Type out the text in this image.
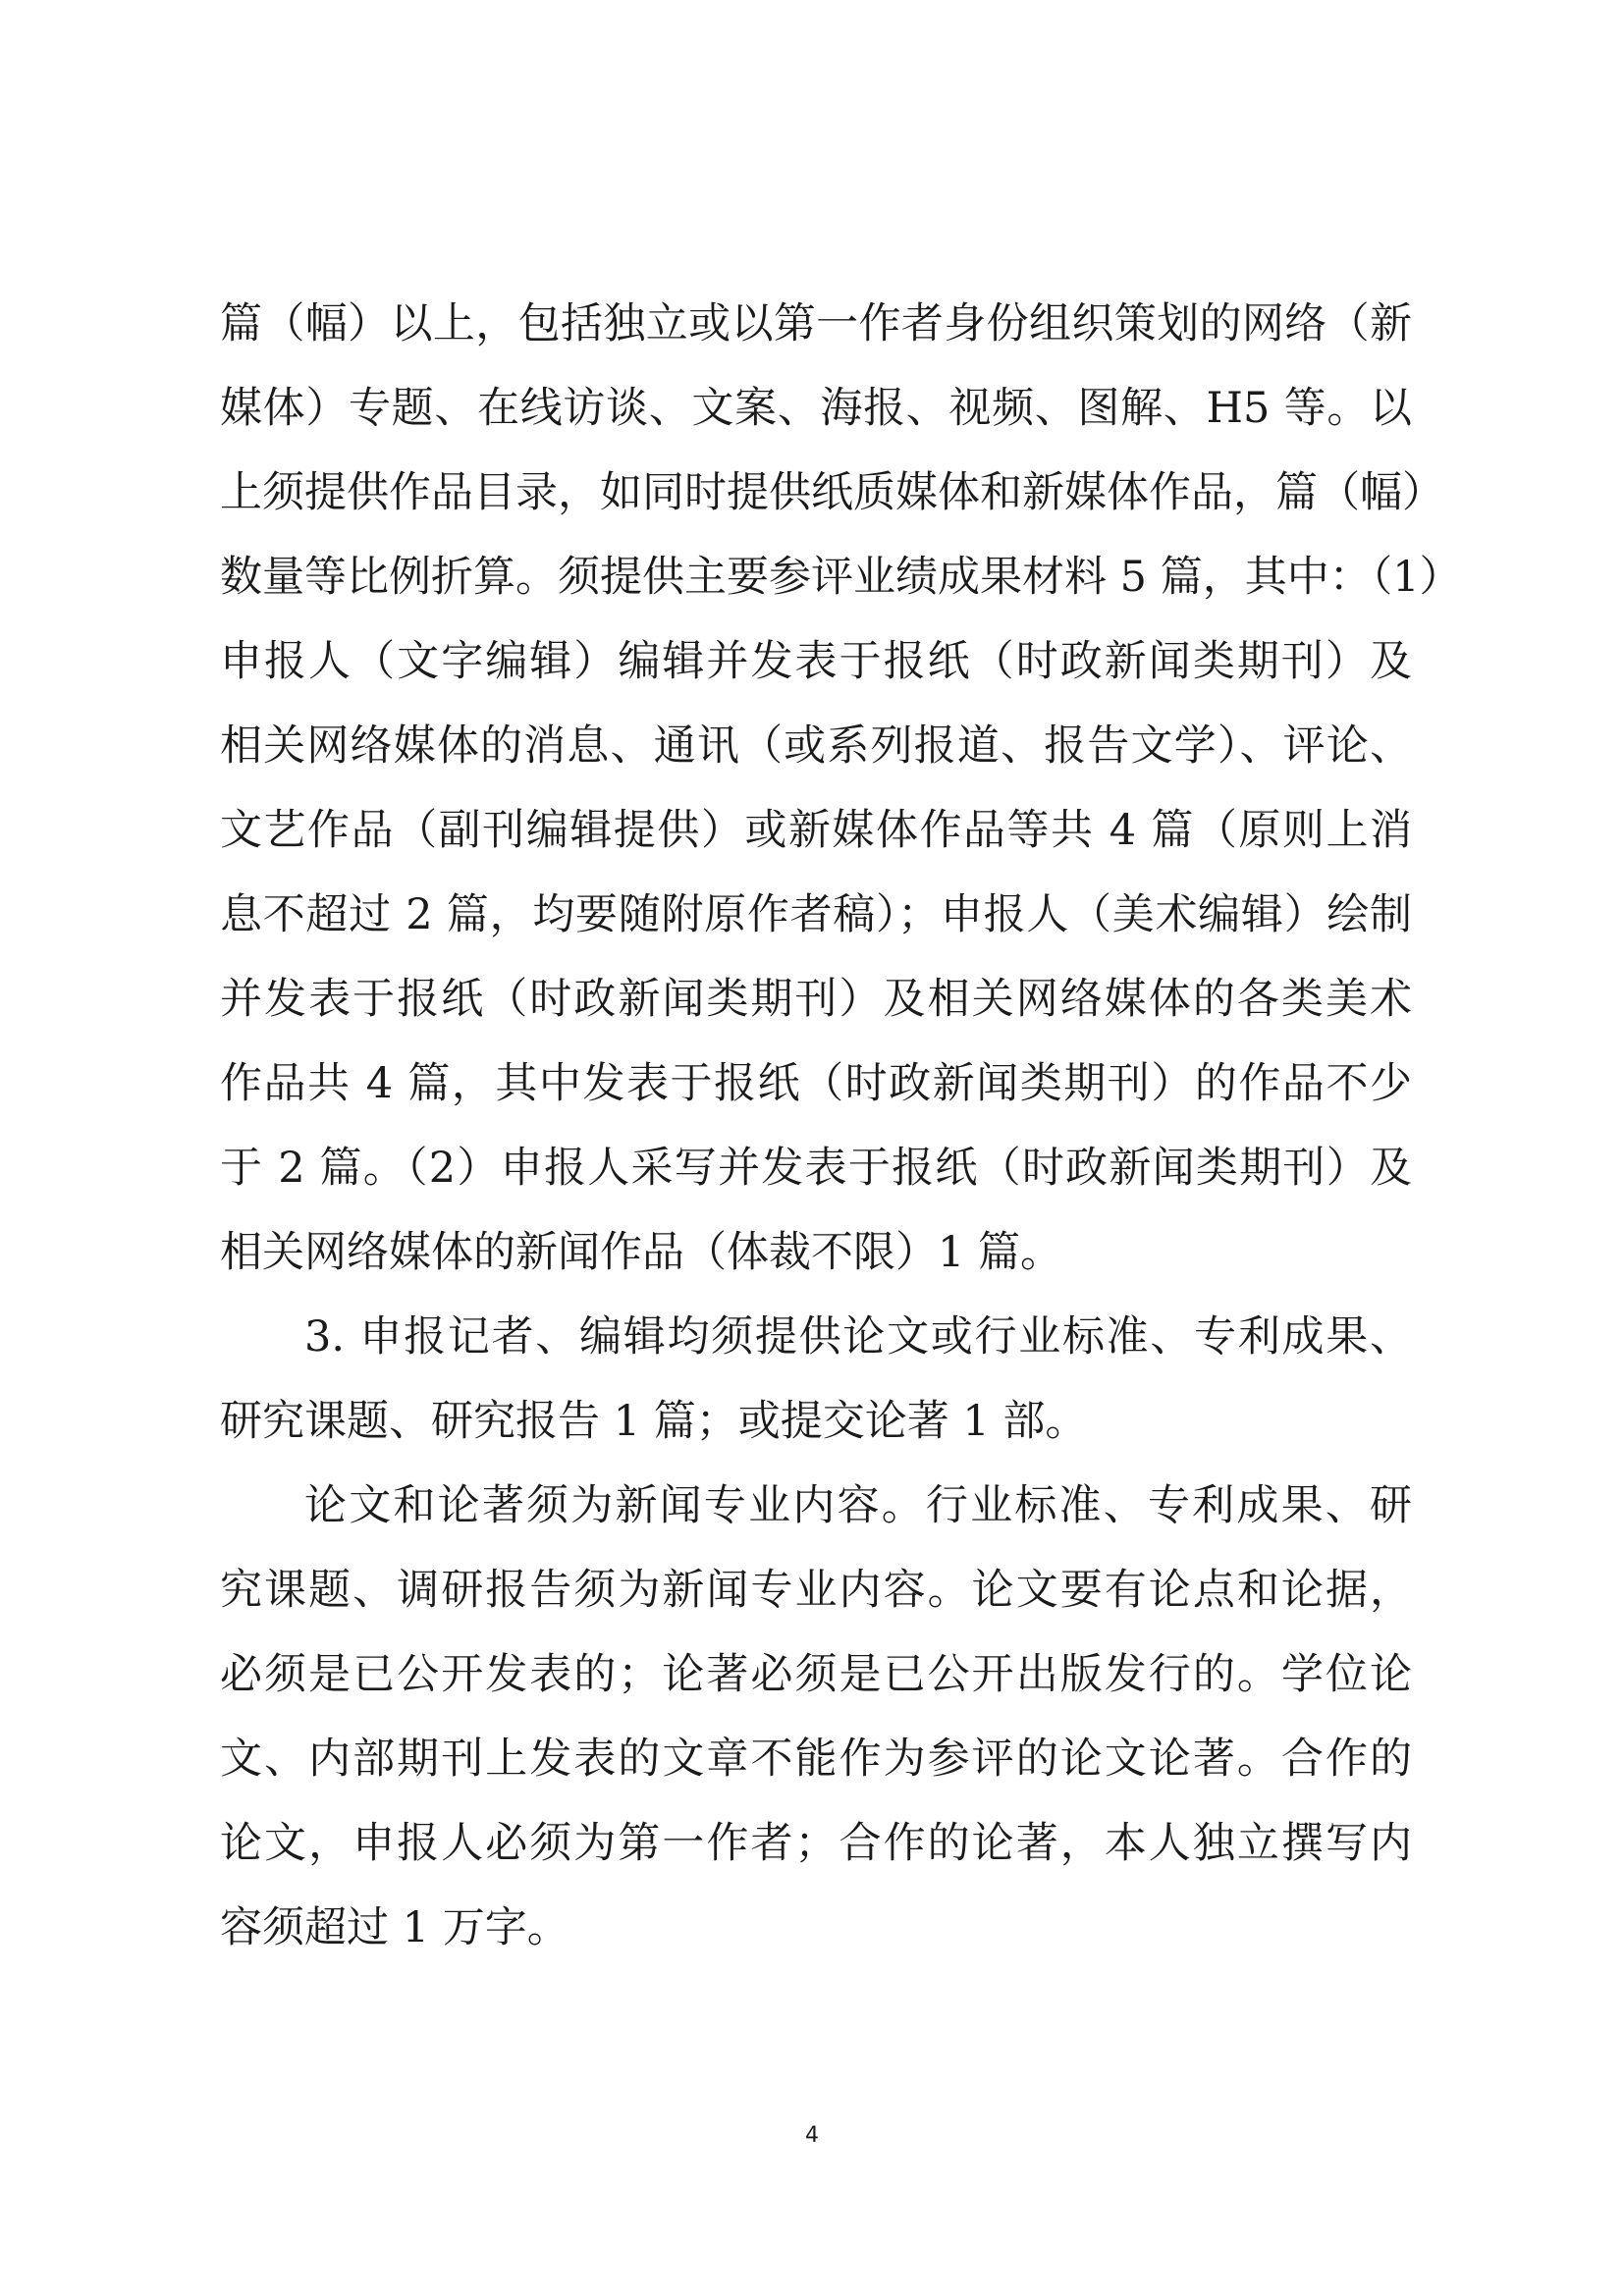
篇（幅）以上，包括独立或以第一作者身份组织策划的网络（新
媒体）专题、在线访谈、文案、海报、视频、图解、H5 等。以
上须提供作品目录，如同时提供纸质媒体和新媒体作品，篇（幅）
数量等比例折算。须提供主要参评业绩成果材料 5 篇，其中：（1）
申报人（文字编辑）编辑并发表于报纸（时政新闻类期刊）及
相关网络媒体的消息、通讯（或系列报道、报告文学）、评论、
文艺作品（副刊编辑提供）或新媒体作品等共 4 篇（原则上消
息不超过 2 篇，均要随附原作者稿）；申报人（美术编辑）绘制
并发表于报纸（时政新闻类期刊）及相关网络媒体的各类美术
作品共 4 篇，其中发表于报纸（时政新闻类期刊）的作品不少
于 2 篇。（2）申报人采写并发表于报纸（时政新闻类期刊）及
相关网络媒体的新闻作品（体裁不限）1 篇。
3. 申报记者、编辑均须提供论文或行业标准、专利成果、
研究课题、研究报告 1 篇；或提交论著 1 部。
论文和论著须为新闻专业内容。行业标准、专利成果、研
究课题、调研报告须为新闻专业内容。论文要有论点和论据，
必须是已公开发表的；论著必须是已公开出版发行的。学位论
文、内部期刊上发表的文章不能作为参评的论文论著。合作的
论文，申报人必须为第一作者；合作的论著，本人独立撰写内
容须超过 1 万字。
4
